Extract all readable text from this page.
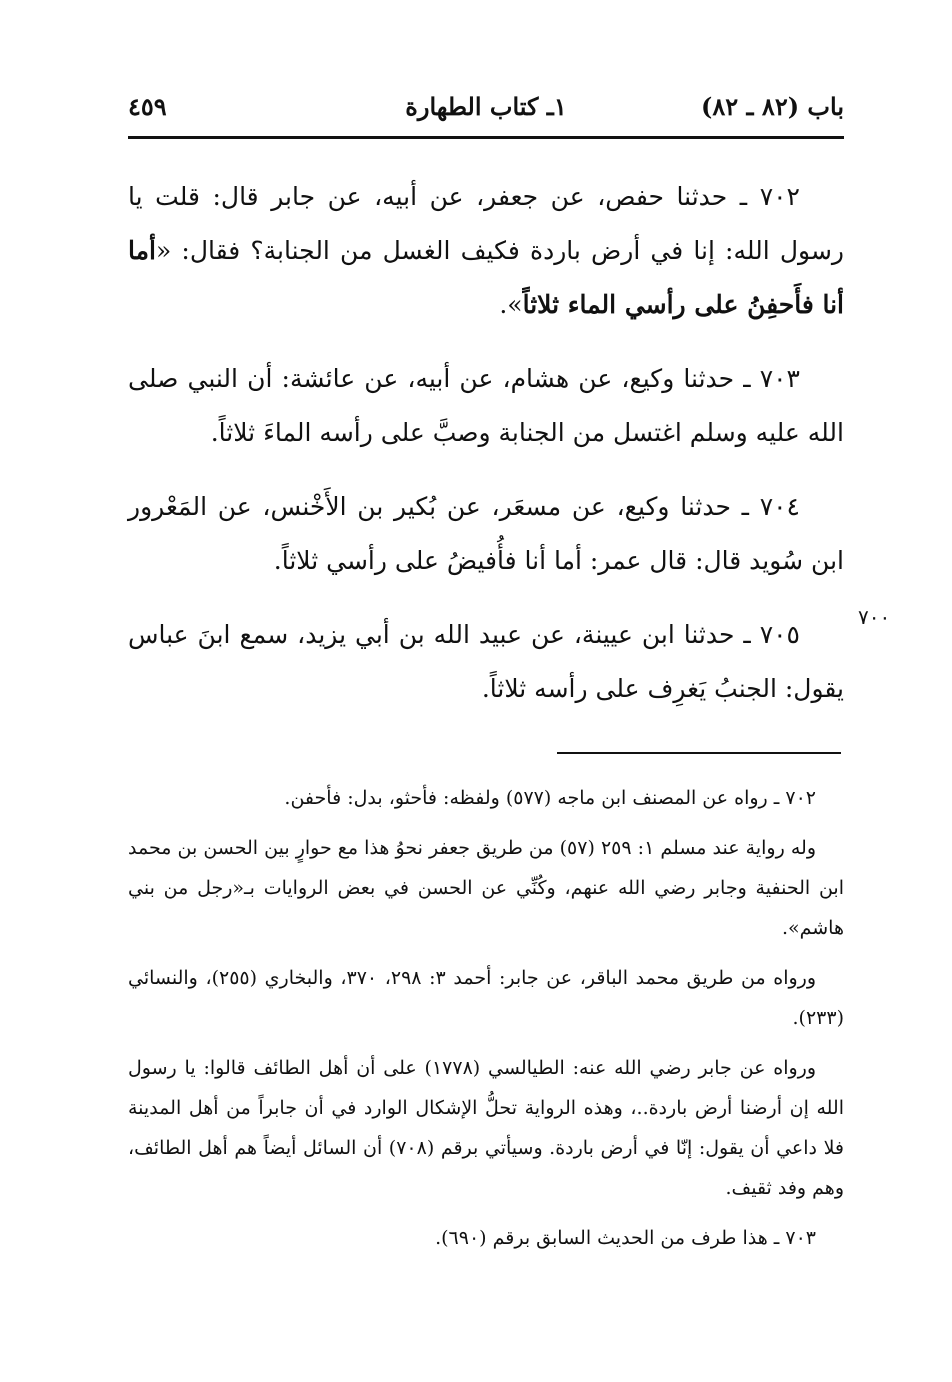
باب (٨٢ ـ ٨٢)
١ـ كتاب الطهارة
٤٥٩

٧٠٢ ـ حدثنا حفص، عن جعفر، عن أبيه، عن جابر قال: قلت يا رسول الله: إنا في أرض باردة فكيف الغسل من الجنابة؟ فقال: «أما أنا فأَحفِنُ على رأسي الماء ثلاثاً».

٧٠٣ ـ حدثنا وكيع، عن هشام، عن أبيه، عن عائشة: أن النبي صلى الله عليه وسلم اغتسل من الجنابة وصبَّ على رأسه الماءَ ثلاثاً.

٧٠٤ ـ حدثنا وكيع، عن مسعَر، عن بُكير بن الأَخْنس، عن المَعْرور ابن سُويد قال: قال عمر: أما أنا فأُفيضُ على رأسي ثلاثاً.

٧٠٥ ـ حدثنا ابن عيينة، عن عبيد الله بن أبي يزيد، سمع ابنَ عباس يقول: الجنبُ يَغرِف على رأسه ثلاثاً.

٧٠٠

٧٠٢ ـ رواه عن المصنف ابن ماجه (٥٧٧) ولفظه: فأحثو، بدل: فأحفن.

وله رواية عند مسلم ١: ٢٥٩ (٥٧) من طريق جعفر نحوُ هذا مع حوارٍ بين الحسن بن محمد ابن الحنفية وجابر رضي الله عنهم، وكُنِّي عن الحسن في بعض الروايات بـ«رجل من بني هاشم».

ورواه من طريق محمد الباقر، عن جابر: أحمد ٣: ٢٩٨، ٣٧٠، والبخاري (٢٥٥)، والنسائي (٢٣٣).

ورواه عن جابر رضي الله عنه: الطيالسي (١٧٧٨) على أن أهل الطائف قالوا: يا رسول الله إن أرضنا أرض باردة..، وهذه الرواية تحلُّ الإشكال الوارد في أن جابراً من أهل المدينة فلا داعي أن يقول: إنّا في أرض باردة. وسيأتي برقم (٧٠٨) أن السائل أيضاً هم أهل الطائف، وهم وفد ثقيف.

٧٠٣ ـ هذا طرف من الحديث السابق برقم (٦٩٠).
